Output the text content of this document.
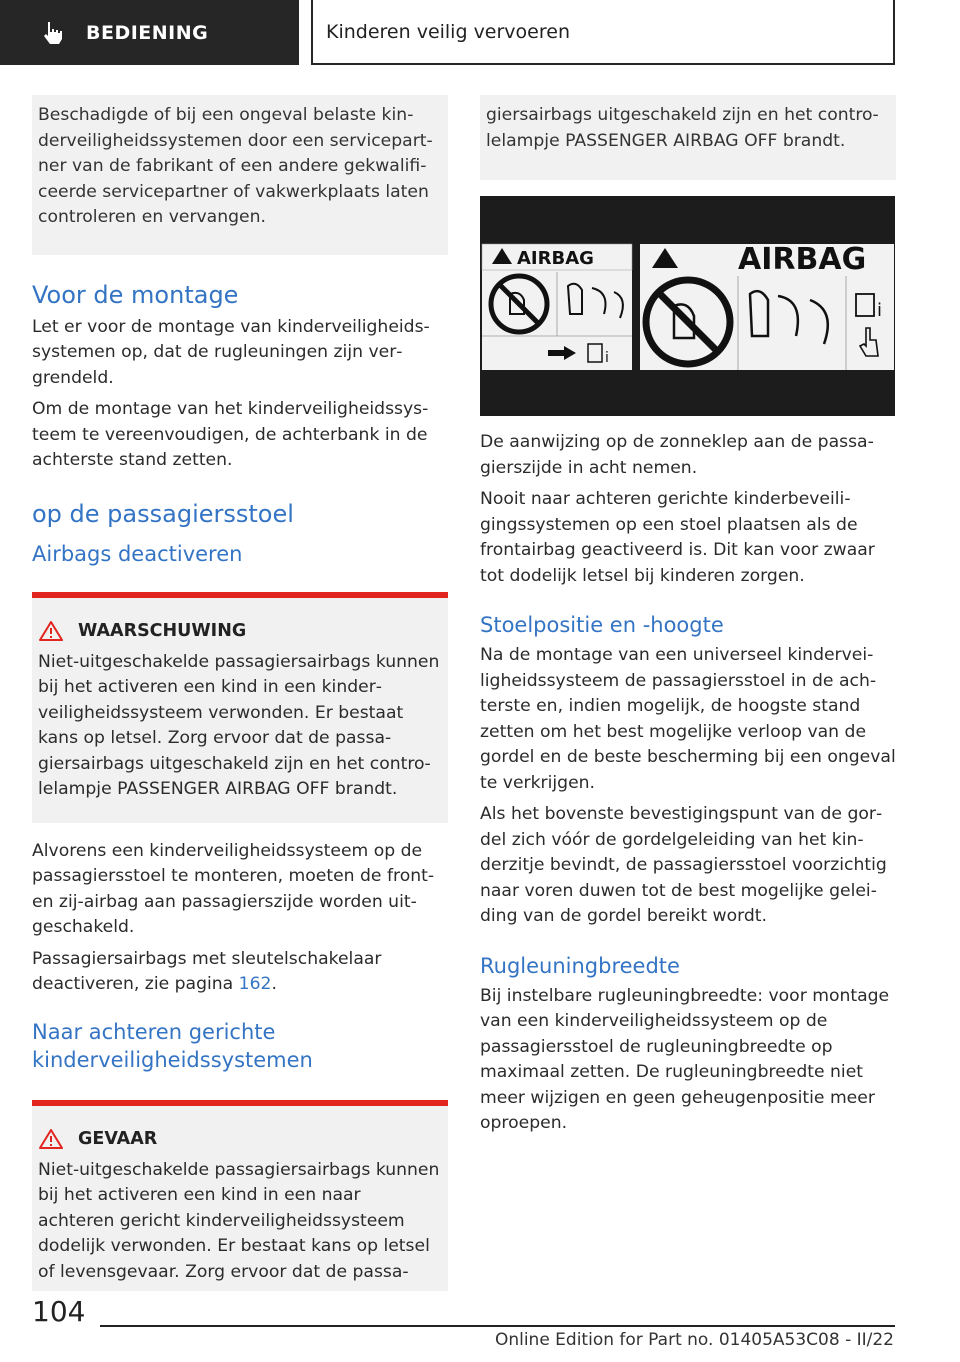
BEDIENING	Kinderen veilig vervoeren
Beschadigde of bij een ongeval belaste kinderveiligheidssystemen door een servicepartner van de fabrikant of een andere gekwalificeerde servicepartner of vakwerkplaats laten controleren en vervangen.
Voor de montage

Let er voor de montage van kinderveiligheidssystemen op, dat de rugleuningen zijn vergrendeld.

Om de montage van het kinderveiligheidssysteem te vereenvoudigen, de achterbank in de achterste stand zetten.

op de passagiersstoel
Airbags deactiveren
WAARSCHUWING
Niet-uitgeschakelde passagiersairbags kunnen bij het activeren een kind in een kinderveiligheidssysteem verwonden. Er bestaat kans op letsel. Zorg ervoor dat de passagiersairbags uitgeschakeld zijn en het controlelampje PASSENGER AIRBAG OFF brandt.

Alvorens een kinderveiligheidssysteem op de passagiersstoel te monteren, moeten de front- en zij-airbag aan passagierszijde worden uitgeschakeld.

Passagiersairbags met sleutelschakelaar deactiveren, zie pagina 162.

Naar achteren gerichte kinderveiligheidssystemen
GEVAAR
Niet-uitgeschakelde passagiersairbags kunnen bij het activeren een kind in een naar achteren gericht kinderveiligheidssysteem dodelijk verwonden. Er bestaat kans op letsel of levensgevaar. Zorg ervoor dat de passa-
giersairbags uitgeschakeld zijn en het controlelampje PASSENGER AIRBAG OFF brandt.
AIRBAG
i
AIRBAG
i

De aanwijzing op de zonneklep aan de passagierszijde in acht nemen.

Nooit naar achteren gerichte kinderbeveiligingssystemen op een stoel plaatsen als de frontairbag geactiveerd is. Dit kan voor zwaar tot dodelijk letsel bij kinderen zorgen.

Stoelpositie en -hoogte

Na de montage van een universeel kinderveiligheidssysteem de passagiersstoel in de achterste en, indien mogelijk, de hoogste stand zetten om het best mogelijke verloop van de gordel en de beste bescherming bij een ongeval te verkrijgen.

Als het bovenste bevestigingspunt van de gordel zich vóór de gordelgeleiding van het kinderzitje bevindt, de passagiersstoel voorzichtig naar voren duwen tot de best mogelijke geleiding van de gordel bereikt wordt.

Rugleuningbreedte

Bij instelbare rugleuningbreedte: voor montage van een kinderveiligheidssysteem op de passagiersstoel de rugleuningbreedte op maximaal zetten. De rugleuningbreedte niet meer wijzigen en geen geheugenpositie meer oproepen.

104
Online Edition for Part no. 01405A53C08 - II/22
